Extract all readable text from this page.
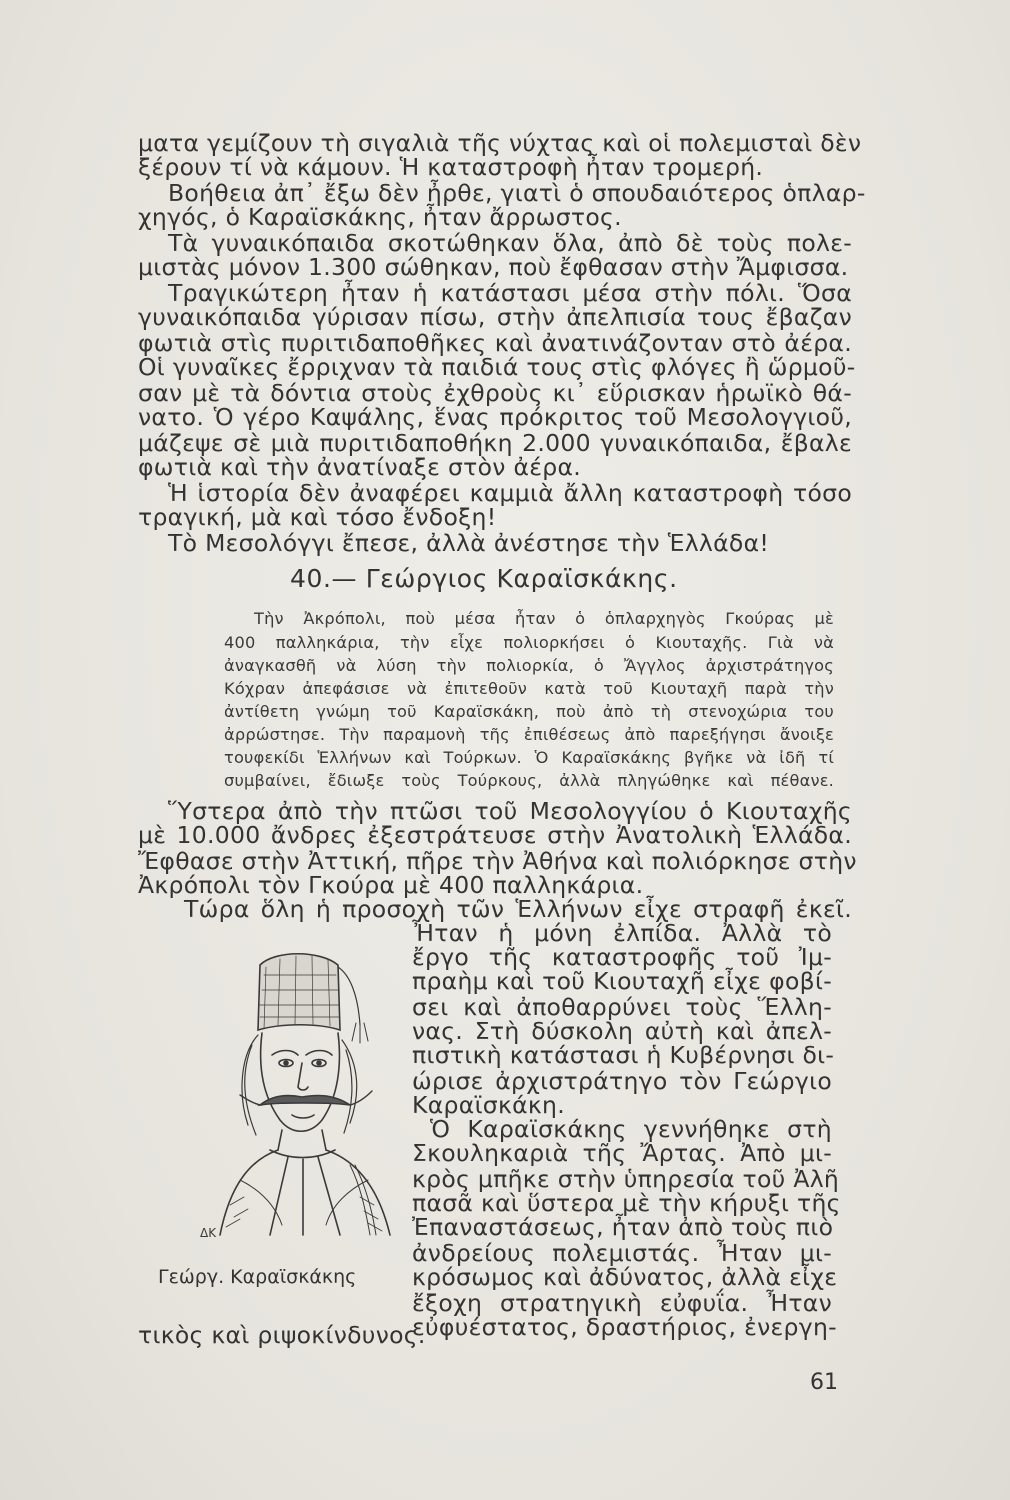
ματα γεμίζουν τὴ σιγαλιὰ τῆς νύχτας καὶ οἱ πολεμισταὶ δὲν
ξέρουν τί νὰ κάμουν. Ἡ καταστροφὴ ἦταν τρομερή.
Βοήθεια ἀπ᾿ ἔξω δὲν ἦρθε, γιατὶ ὁ σπουδαιότερος ὁπλαρ-
χηγός, ὁ Καραϊσκάκης, ἦταν ἄρρωστος.
Τὰ γυναικόπαιδα σκοτώθηκαν ὅλα, ἀπὸ δὲ τοὺς πολε-
μιστὰς μόνον 1.300 σώθηκαν, ποὺ ἔφθασαν στὴν Ἄμφισσα.
Τραγικώτερη ἦταν ἡ κατάστασι μέσα στὴν πόλι. Ὅσα
γυναικόπαιδα γύρισαν πίσω, στὴν ἀπελπισία τους ἔβαζαν
φωτιὰ στὶς πυριτιδαποθῆκες καὶ ἀνατινάζονταν στὸ ἀέρα.
Οἱ γυναῖκες ἔρριχναν τὰ παιδιά τους στὶς φλόγες ἢ ὥρμοῦ-
σαν μὲ τὰ δόντια στοὺς ἐχθροὺς κι᾿ εὕρισκαν ἡρωϊκὸ θά-
νατο. Ὁ γέρο Καψάλης, ἕνας πρόκριτος τοῦ Μεσολογγιοῦ,
μάζεψε σὲ μιὰ πυριτιδαποθήκη 2.000 γυναικόπαιδα, ἔβαλε
φωτιὰ καὶ τὴν ἀνατίναξε στὸν ἀέρα.
Ἡ ἱστορία δὲν ἀναφέρει καμμιὰ ἄλλη καταστροφὴ τόσο
τραγική, μὰ καὶ τόσο ἔνδοξη!
Τὸ Μεσολόγγι ἔπεσε, ἀλλὰ ἀνέστησε τὴν Ἑλλάδα!
40.— Γεώργιος Καραϊσκάκης.
Τὴν Ἀκρόπολι, ποὺ μέσα ἦταν ὁ ὁπλαρχηγὸς Γκούρας μὲ
400 παλληκάρια, τὴν εἶχε πολιορκήσει ὁ Κιουταχῆς. Γιὰ νὰ
ἀναγκασθῆ νὰ λύση τὴν πολιορκία, ὁ Ἄγγλος ἀρχιστράτηγος
Κόχραν ἀπεφάσισε νὰ ἐπιτεθοῦν κατὰ τοῦ Κιουταχῆ παρὰ τὴν
ἀντίθετη γνώμη τοῦ Καραϊσκάκη, ποὺ ἀπὸ τὴ στενοχώρια του
ἀρρώστησε. Τὴν παραμονὴ τῆς ἐπιθέσεως ἀπὸ παρεξήγησι ἄνοιξε
τουφεκίδι Ἑλλήνων καὶ Τούρκων. Ὁ Καραϊσκάκης βγῆκε νὰ ἰδῆ τί
συμβαίνει, ἔδιωξε τοὺς Τούρκους, ἀλλὰ πληγώθηκε καὶ πέθανε.
Ὕστερα ἀπὸ τὴν πτῶσι τοῦ Μεσολογγίου ὁ Κιουταχῆς
μὲ 10.000 ἄνδρες ἐξεστράτευσε στὴν Ἀνατολικὴ Ἑλλάδα.
Ἔφθασε στὴν Ἀττική, πῆρε τὴν Ἀθήνα καὶ πολιόρκησε στὴν
Ἀκρόπολι τὸν Γκούρα μὲ 400 παλληκάρια.
Τώρα ὅλη ἡ προσοχὴ τῶν Ἑλλήνων εἶχε στραφῆ ἐκεῖ.
Ἦταν ἡ μόνη ἐλπίδα. Ἀλλὰ τὸ
ἔργο τῆς καταστροφῆς τοῦ Ἰμ-
πραὴμ καὶ τοῦ Κιουταχῆ εἶχε φοβί-
σει καὶ ἀποθαρρύνει τοὺς Ἕλλη-
νας. Στὴ δύσκολη αὐτὴ καὶ ἀπελ-
πιστικὴ κατάστασι ἡ Κυβέρνησι δι-
ώρισε ἀρχιστράτηγο τὸν Γεώργιο
Καραϊσκάκη.
Ὁ Καραϊσκάκης γεννήθηκε στὴ
Σκουληκαριὰ τῆς Ἄρτας. Ἀπὸ μι-
κρὸς μπῆκε στὴν ὑπηρεσία τοῦ Ἀλῆ
πασᾶ καὶ ὕστερα μὲ τὴν κήρυξι τῆς
Ἐπαναστάσεως, ἦταν ἀπὸ τοὺς πιὸ
ἀνδρείους πολεμιστάς. Ἦταν μι-
κρόσωμος καὶ ἀδύνατος, ἀλλὰ εἶχε
ἔξοχη στρατηγικὴ εὐφυΐα. Ἦταν
εὐφυέστατος, δραστήριος, ἐνεργη-
ΔΚ
Γεώργ. Καραϊσκάκης
τικὸς καὶ ριψοκίνδυνος.
61
